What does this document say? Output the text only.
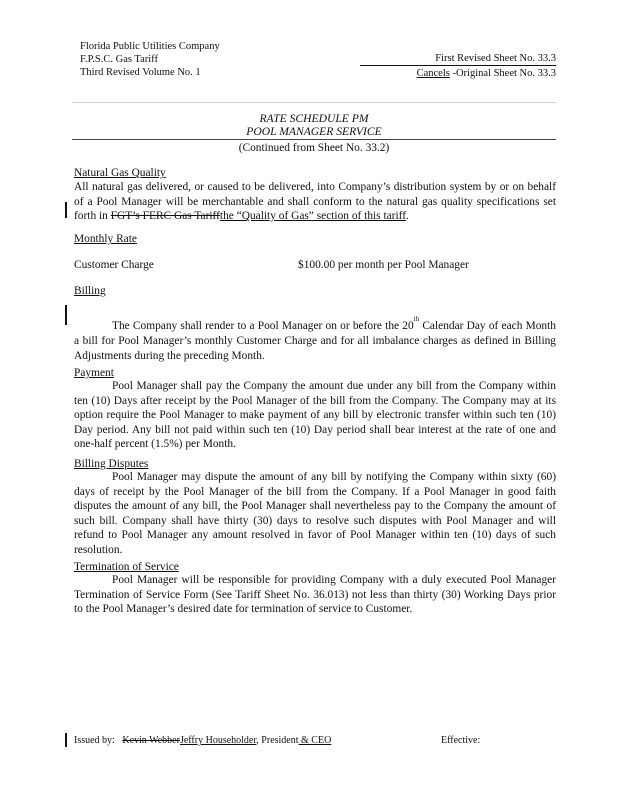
Florida Public Utilities Company
F.P.S.C. Gas Tariff
Third Revised Volume No. 1
First Revised Sheet No. 33.3
Cancels -Original Sheet No. 33.3
RATE SCHEDULE PM
POOL MANAGER SERVICE
(Continued from Sheet No. 33.2)
Natural Gas Quality
All natural gas delivered, or caused to be delivered, into Company’s distribution system by or on behalf of a Pool Manager will be merchantable and shall conform to the natural gas quality specifications set forth in FGT’s FERC Gas Tariffthe “Quality of Gas” section of this tariff.
Monthly Rate
Customer Charge	$100.00 per month per Pool Manager
Billing
The Company shall render to a Pool Manager on or before the 20th Calendar Day of each Month a bill for Pool Manager’s monthly Customer Charge and for all imbalance charges as defined in Billing Adjustments during the preceding Month.
Payment
Pool Manager shall pay the Company the amount due under any bill from the Company within ten (10) Days after receipt by the Pool Manager of the bill from the Company. The Company may at its option require the Pool Manager to make payment of any bill by electronic transfer within such ten (10) Day period. Any bill not paid within such ten (10) Day period shall bear interest at the rate of one and one-half percent (1.5%) per Month.
Billing Disputes
Pool Manager may dispute the amount of any bill by notifying the Company within sixty (60) days of receipt by the Pool Manager of the bill from the Company. If a Pool Manager in good faith disputes the amount of any bill, the Pool Manager shall nevertheless pay to the Company the amount of such bill. Company shall have thirty (30) days to resolve such disputes with Pool Manager and will refund to Pool Manager any amount resolved in favor of Pool Manager within ten (10) days of such resolution.
Termination of Service
Pool Manager will be responsible for providing Company with a duly executed Pool Manager Termination of Service Form (See Tariff Sheet No. 36.013) not less than thirty (30) Working Days prior to the Pool Manager’s desired date for termination of service to Customer.
Issued by: Kevin WebberJeffry Householder, President & CEO	Effective:
